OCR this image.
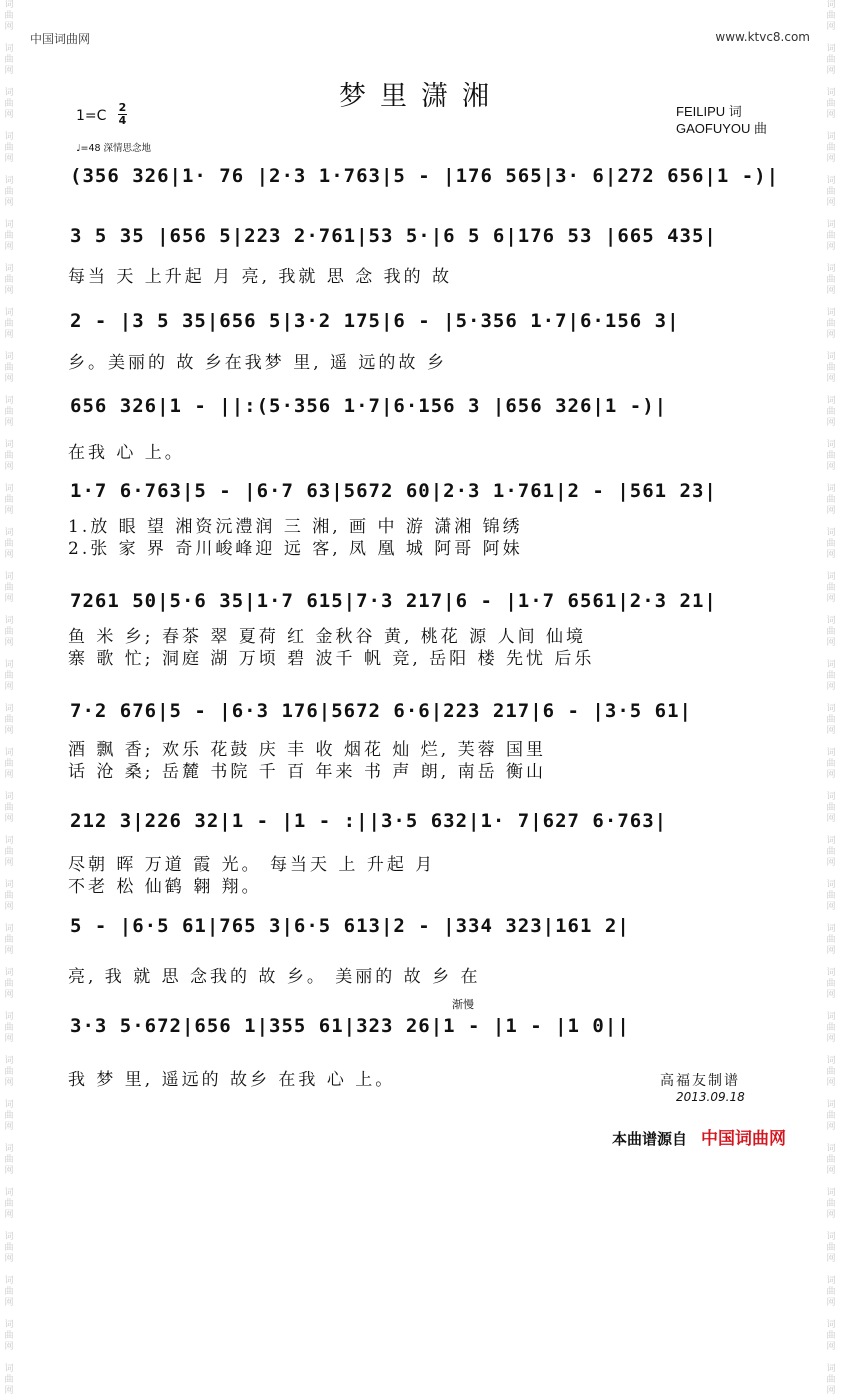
词
曲
网

词
曲
网

词
曲
网

词
曲
网

词
曲
网

词
曲
网

词
曲
网

词
曲
网

词
曲
网

词
曲
网

词
曲
网

词
曲
网

词
曲
网

词
曲
网

词
曲
网

词
曲
网

词
曲
网

词
曲
网

词
曲
网

词
曲
网

词
曲
网

词
曲
网

词
曲
网

词
曲
网

词
曲
网

词
曲
网

词
曲
网

词
曲
网

词
曲
网

词
曲
网

词
曲
网

词
曲
网

词
曲
网

词
曲
网

词
曲
网

词
曲
网

词
曲
网

词
曲
网

词
曲
网

词
曲
网

词
曲
网

词
曲
网

词
曲
网

词
曲
网

词
曲
网

词
曲
网

词
曲
网

词
曲
网

词
曲
网

词
曲
网

词
曲
网

词
曲
网

词
曲
网

词
曲
网

词
曲
网

词
曲
网

词
曲
网

词
曲
网

词
曲
网

词
曲
网

词
曲
网

词
曲
网

词
曲
网

词
曲
网

中国词曲网	www.ktvc8.com
梦里潇湘
1=C
2
4
♩=48 深情思念地
FEILIPU 词
GAOFUYOU 曲
(356 326|1· 76 |2·3 1·763|5 - |176 565|3· 6|272 656|1 -)|
3 5 35 |656 5|223 2·761|53 5·|6 5 6|176 53 |665 435|
每当 天 上升起 月 亮, 我就 思 念 我的 故
2 - |3 5 35|656 5|3·2 175|6 - |5·356 1·7|6·156 3|
乡。美丽的 故 乡在我梦 里, 遥 远的故 乡
656 326|1 - ||:(5·356 1·7|6·156 3 |656 326|1 -)|
在我 心 上。
1·7 6·763|5 - |6·7 63|5672 60|2·3 1·761|2 - |561 23|
1.放 眼 望 湘资沅澧润 三 湘, 画 中 游 潇湘 锦绣
2.张 家 界 奇川峻峰迎 远 客, 凤 凰 城 阿哥 阿妹
7261 50|5·6 35|1·7 615|7·3 217|6 - |1·7 6561|2·3 21|
鱼 米 乡; 春茶 翠 夏荷 红 金秋谷 黄, 桃花 源 人间 仙境
寨 歌 忙; 洞庭 湖 万顷 碧 波千 帆 竞, 岳阳 楼 先忧 后乐
7·2 676|5 - |6·3 176|5672 6·6|223 217|6 - |3·5 61|
酒 飘 香; 欢乐 花鼓 庆 丰 收 烟花 灿 烂, 芙蓉 国里
话 沧 桑; 岳麓 书院 千 百 年来 书 声 朗, 南岳 衡山
212 3|226 32|1 - |1 - :||3·5 632|1· 7|627 6·763|
尽朝 晖 万道 霞 光。 每当天 上 升起 月
不老 松 仙鹤 翱 翔。
5 - |6·5 61|765 3|6·5 613|2 - |334 323|161 2|
亮, 我 就 思 念我的 故 乡。 美丽的 故 乡 在
3·3 5·672|656 1|355 61|323 26|1 - |1 - |1 0||
我 梦 里, 遥远的 故乡 在我 心 上。
渐慢
高福友制谱
2013.09.18
本曲谱源自 中国词曲网
